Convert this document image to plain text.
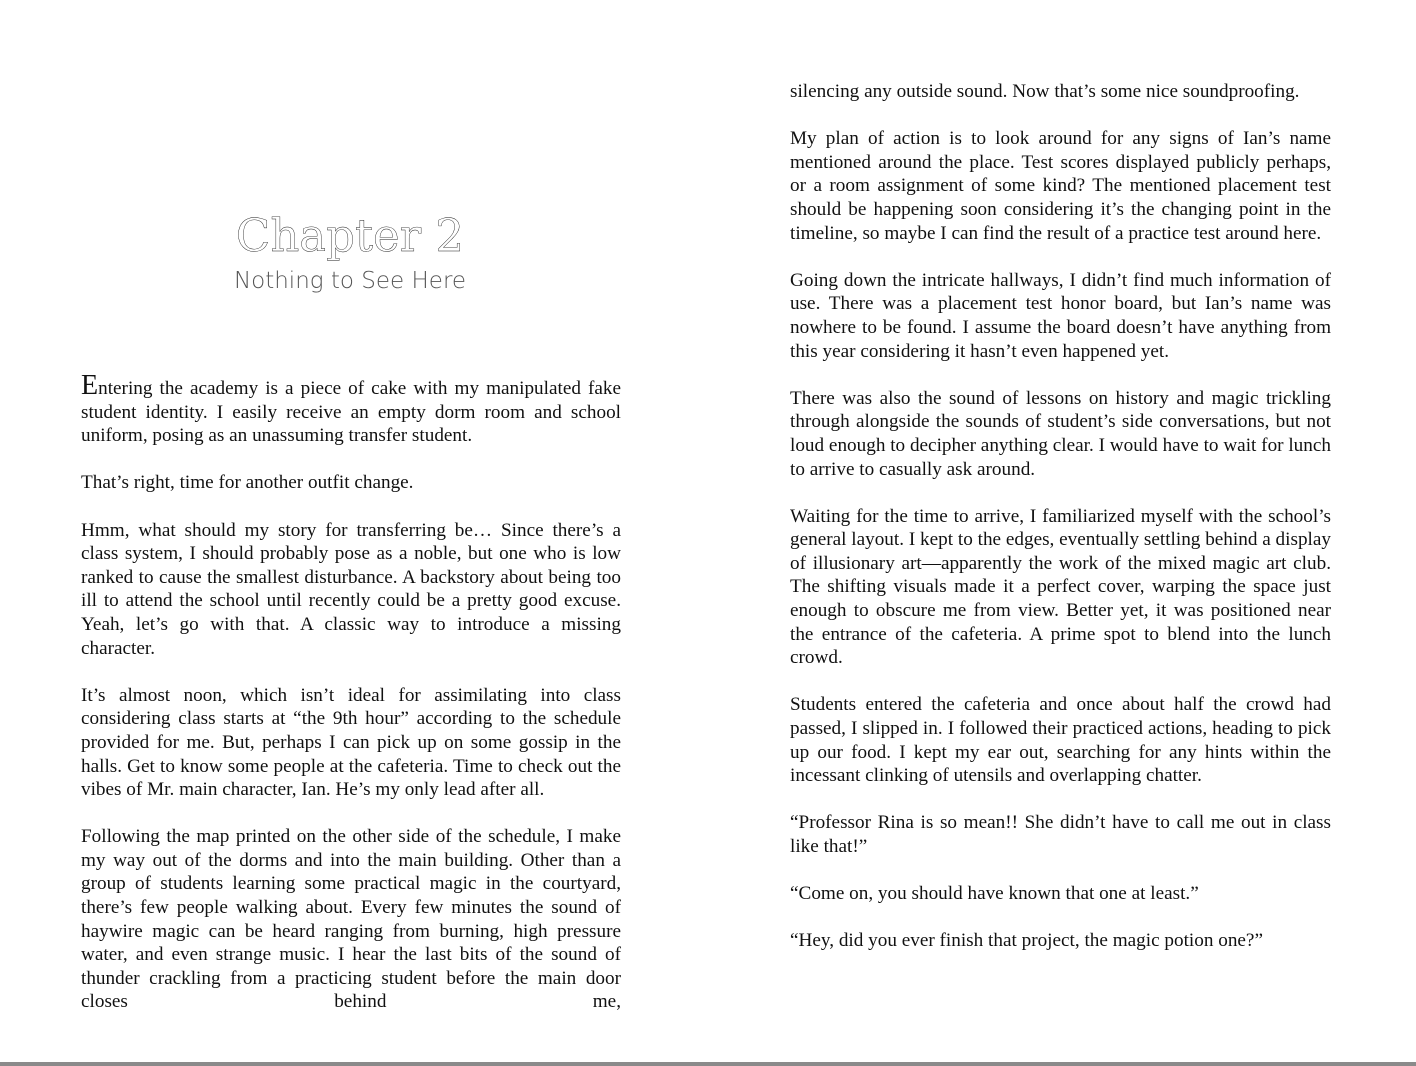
Chapter 2
Nothing to See Here

Entering the academy is a piece of cake with my manipulated fake student identity. I easily receive an empty dorm room and school uniform, posing as an unassuming transfer student.

That’s right, time for another outfit change.

Hmm, what should my story for transferring be… Since there’s a class system, I should probably pose as a noble, but one who is low ranked to cause the smallest disturbance. A backstory about being too ill to attend the school until recently could be a pretty good excuse. Yeah, let’s go with that. A classic way to introduce a missing character.

It’s almost noon, which isn’t ideal for assimilating into class considering class starts at “the 9th hour” according to the schedule provided for me. But, perhaps I can pick up on some gossip in the halls. Get to know some people at the cafeteria. Time to check out the vibes of Mr. main character, Ian. He’s my only lead after all.

Following the map printed on the other side of the schedule, I make my way out of the dorms and into the main building. Other than a group of students learning some practical magic in the courtyard, there’s few people walking about. Every few minutes the sound of haywire magic can be heard ranging from burning, high pressure water, and even strange music. I hear the last bits of the sound of thunder crackling from a practicing student before the main door closes behind me,

silencing any outside sound. Now that’s some nice soundproofing.

My plan of action is to look around for any signs of Ian’s name mentioned around the place. Test scores displayed publicly perhaps, or a room assignment of some kind? The mentioned placement test should be happening soon considering it’s the changing point in the timeline, so maybe I can find the result of a practice test around here.

Going down the intricate hallways, I didn’t find much information of use. There was a placement test honor board, but Ian’s name was nowhere to be found. I assume the board doesn’t have anything from this year considering it hasn’t even happened yet.

There was also the sound of lessons on history and magic trickling through alongside the sounds of student’s side conversations, but not loud enough to decipher anything clear. I would have to wait for lunch to arrive to casually ask around.

Waiting for the time to arrive, I familiarized myself with the school’s general layout. I kept to the edges, eventually settling behind a display of illusionary art—apparently the work of the mixed magic art club. The shifting visuals made it a perfect cover, warping the space just enough to obscure me from view. Better yet, it was positioned near the entrance of the cafeteria. A prime spot to blend into the lunch crowd.

Students entered the cafeteria and once about half the crowd had passed, I slipped in. I followed their practiced actions, heading to pick up our food. I kept my ear out, searching for any hints within the incessant clinking of utensils and overlapping chatter.

“Professor Rina is so mean!! She didn’t have to call me out in class like that!”

“Come on, you should have known that one at least.”

“Hey, did you ever finish that project, the magic potion one?”
